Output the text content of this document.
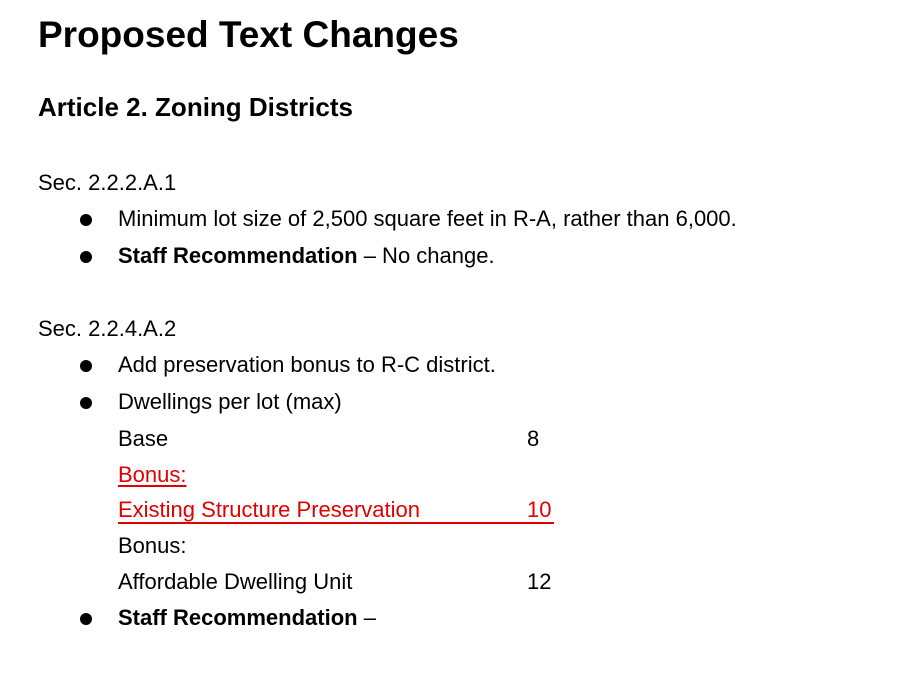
Proposed Text Changes
Article 2. Zoning Districts

Sec. 2.2.2.A.1

Minimum lot size of 2,500 square feet in R-A, rather than 6,000.

Staff Recommendation – No change.

Sec. 2.2.4.A.2

Add preservation bonus to R-C district.

Dwellings per lot (max)

Base	8

Bonus:

Existing Structure Preservation	10

Bonus:

Affordable Dwelling Unit	12

Staff Recommendation –
